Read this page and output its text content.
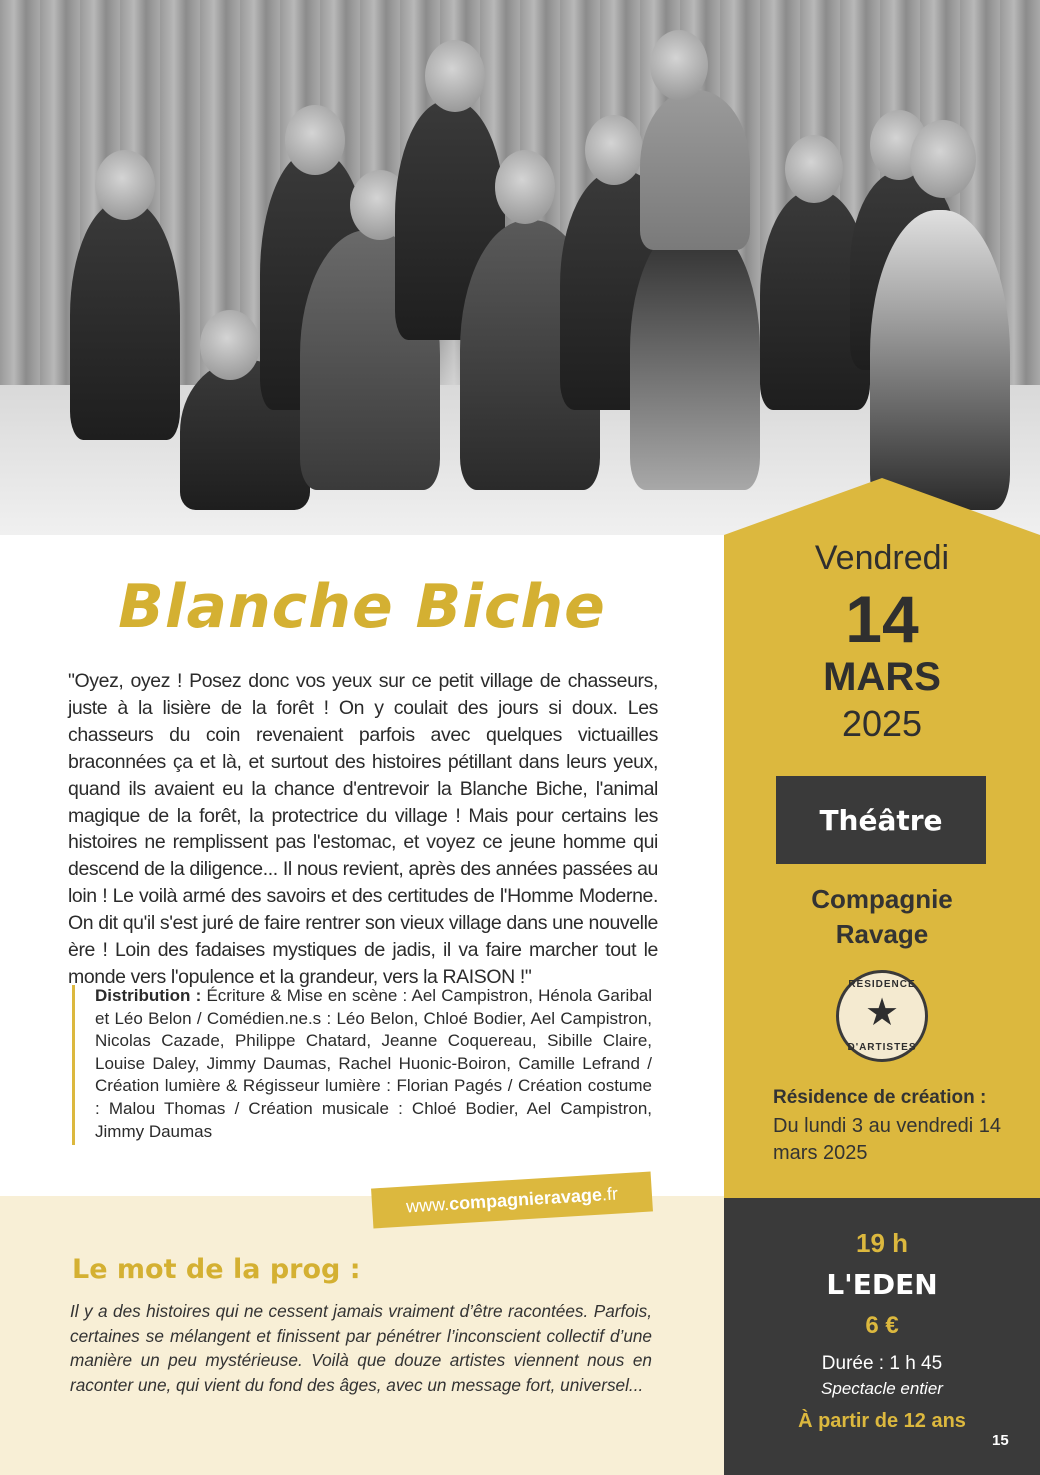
Blanche Biche
"Oyez, oyez ! Posez donc vos yeux sur ce petit village de chasseurs, juste à la lisière de la forêt ! On y coulait des jours si doux. Les chasseurs du coin revenaient parfois avec quelques victuailles braconnées ça et là, et surtout des histoires pétillant dans leurs yeux, quand ils avaient eu la chance d'entrevoir la Blanche Biche, l'animal magique de la forêt, la protectrice du village ! Mais pour certains les histoires ne remplissent pas l'estomac, et voyez ce jeune homme qui descend de la diligence... Il nous revient, après des années passées au loin ! Le voilà armé des savoirs et des certitudes de l'Homme Moderne. On dit qu'il s'est juré de faire rentrer son vieux village dans une nouvelle ère ! Loin des fadaises mystiques de jadis, il va faire marcher tout le monde vers l'opulence et la grandeur, vers la RAISON !"
Distribution : Écriture & Mise en scène : Ael Campistron, Hénola Garibal et Léo Belon / Comédien.ne.s : Léo Belon, Chloé Bodier, Ael Campistron, Nicolas Cazade, Philippe Chatard, Jeanne Coquereau, Sibille Claire, Louise Daley, Jimmy Daumas, Rachel Huonic-Boiron, Camille Lefrand / Création lumière & Régisseur lumière : Florian Pagés / Création costume : Malou Thomas / Création musicale : Chloé Bodier, Ael Campistron, Jimmy Daumas
www.
compagnieravage
.fr
Le mot de la prog :
Il y a des histoires qui ne cessent jamais vraiment d’être racontées. Parfois, certaines se mélangent et finissent par pénétrer l’inconscient collectif d’une manière un peu mystérieuse. Voilà que douze artistes viennent nous en raconter une, qui vient du fond des âges, avec un message fort, universel...
Vendredi
14
MARS
2025
Théâtre
Compagnie
Ravage
RÉSIDENCE
★
D'ARTISTES
Résidence de création :
Du lundi 3 au vendredi 14 mars 2025
19 h
L'EDEN
6 €
Durée : 1 h 45
Spectacle entier
À partir de 12 ans
15
